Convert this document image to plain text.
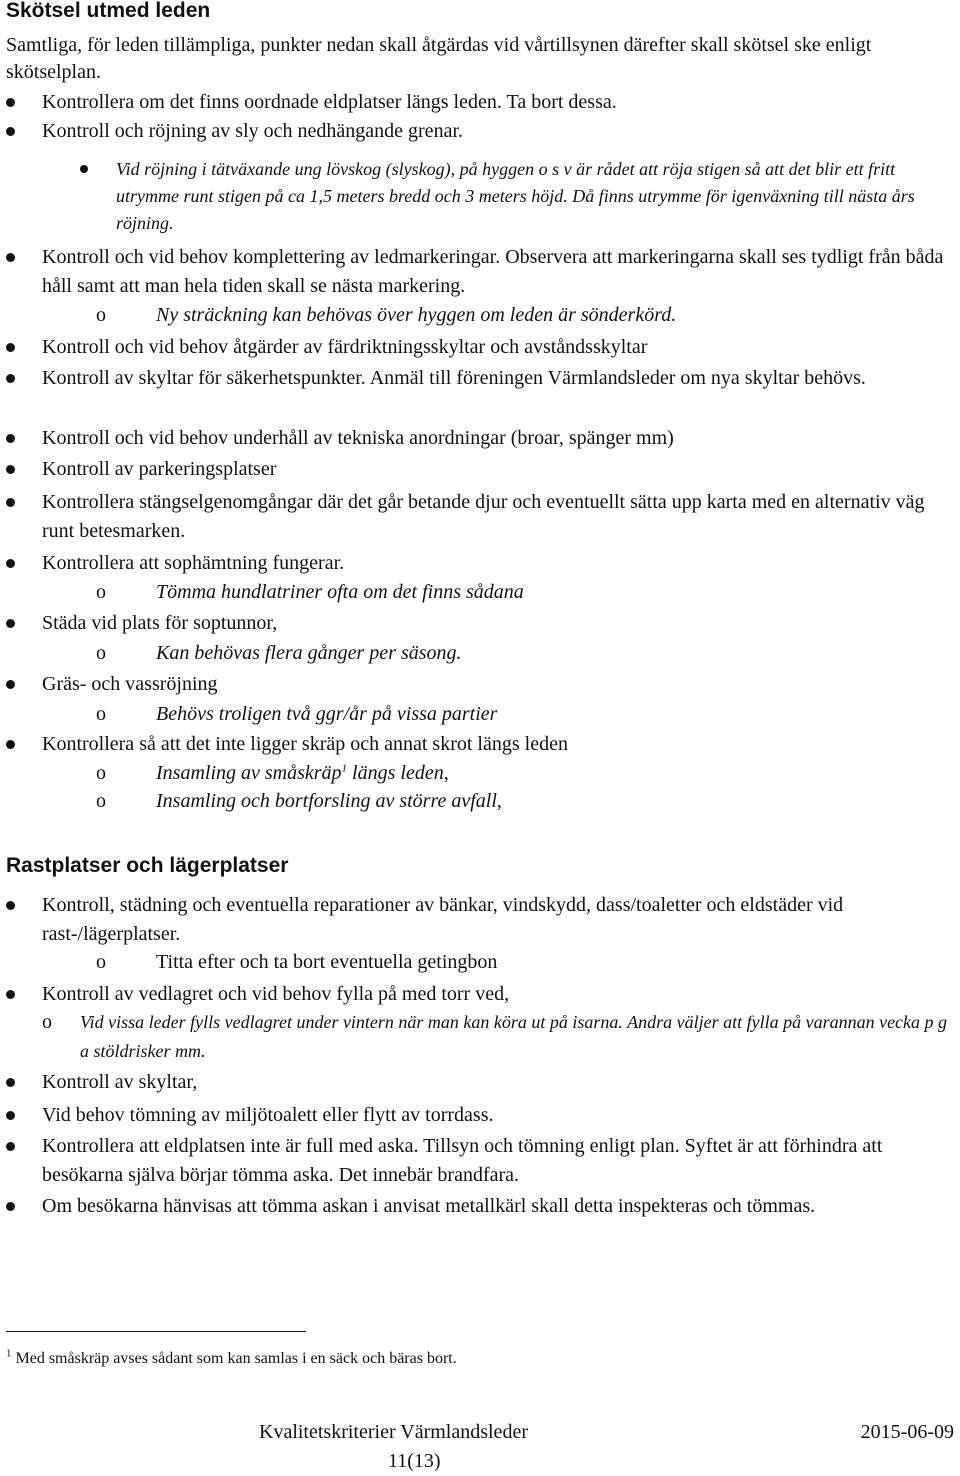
Skötsel utmed leden

Samtliga, för leden tillämpliga, punkter nedan skall åtgärdas vid vårtillsynen därefter skall skötsel ske enligt skötselplan.

Kontrollera om det finns oordnade eldplatser längs leden. Ta bort dessa.
Kontroll och röjning av sly och nedhängande grenar.
Vid röjning i tätväxande ung lövskog (slyskog), på hyggen o s v är rådet att röja stigen så att det blir ett fritt utrymme runt stigen på ca 1,5 meters bredd och 3 meters höjd. Då finns utrymme för igenväxning till nästa års röjning.
Kontroll och vid behov komplettering av ledmarkeringar. Observera att markeringarna skall ses tydligt från båda håll samt att man hela tiden skall se nästa markering.
o	Ny sträckning kan behövas över hyggen om leden är sönderkörd.
Kontroll och vid behov åtgärder av färdriktningsskyltar och avståndsskyltar
Kontroll av skyltar för säkerhetspunkter. Anmäl till föreningen Värmlandsleder om nya skyltar behövs.
Kontroll och vid behov underhåll av tekniska anordningar (broar, spänger mm)
Kontroll av parkeringsplatser
Kontrollera stängselgenomgångar där det går betande djur och eventuellt sätta upp karta med en alternativ väg runt betesmarken.
Kontrollera att sophämtning fungerar.
o	Tömma hundlatriner ofta om det finns sådana
Städa vid plats för soptunnor,
o	Kan behövas flera gånger per säsong.
Gräs- och vassröjning
o	Behövs troligen två ggr/år på vissa partier
Kontrollera så att det inte ligger skräp och annat skrot längs leden
o	Insamling av småskräp$^1$ längs leden,
o	Insamling och bortforsling av större avfall,
Rastplatser och lägerplatser
Kontroll, städning och eventuella reparationer av bänkar, vindskydd, dass/toaletter och eldstäder vid rast-/lägerplatser.
o	Titta efter och ta bort eventuella getingbon
Kontroll av vedlagret och vid behov fylla på med torr ved,
o Vid vissa leder fylls vedlagret under vintern när man kan köra ut på isarna. Andra väljer att fylla på varannan vecka p g a stöldrisker mm.
Kontroll av skyltar,
Vid behov tömning av miljötoalett eller flytt av torrdass.
Kontrollera att eldplatsen inte är full med aska. Tillsyn och tömning enligt plan. Syftet är att förhindra att besökarna själva börjar tömma aska. Det innebär brandfara.
Om besökarna hänvisas att tömma askan i anvisat metallkärl skall detta inspekteras och tömmas.
$^1$ Med småskräp avses sådant som kan samlas i en säck och bäras bort.
Kvalitetskriterier Värmlandsleder	2015-06-09
11(13)
